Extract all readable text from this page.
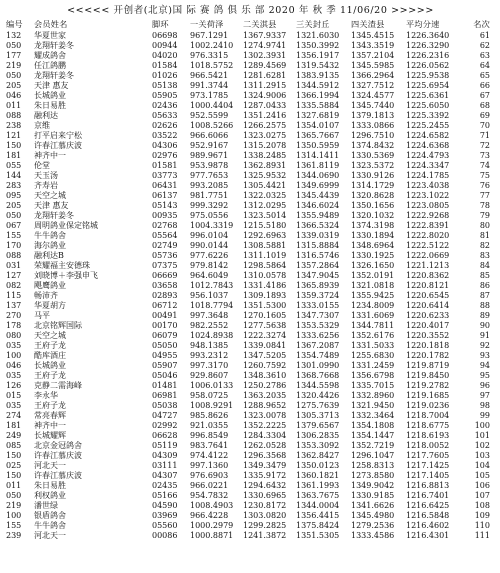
<<<<< 开创者(北京)国 际 赛 鸽 俱 乐 部 2020 年 秋 季 11/06/20 >>>>>
编号	会员姓名	脚环	一关荷泽	二关淇县	三关封丘	四关渣县	平均分速	名次
132	华夏世家	06698	967.1291	1367.9337	1321.6030	1345.4515	1226.3640	61
050	龙翔轩姜冬	00944	1002.2410	1274.9741	1350.3992	1343.3519	1226.3290	62
177	耀成鸽舍	04020	976.3315	1302.3931	1356.1917	1357.2104	1226.2316	63
219	任江鸽鹏	01584	1018.5752	1289.4569	1319.5432	1345.5985	1226.0562	64
050	龙翔轩姜冬	01026	966.5421	1281.6281	1383.9135	1366.2964	1225.9538	65
205	天津 惠友	05138	991.3744	1311.2915	1344.5912	1327.7512	1225.6954	66
046	长城鸽业	05905	973.1785	1324.9006	1366.1994	1324.4577	1225.6361	67
011	朱日易胜	02436	1000.4404	1287.0433	1335.5884	1345.7440	1225.6050	68
088	融利达	05633	952.5599	1351.2416	1327.6819	1379.1813	1225.3392	69
238	京维	02626	1008.5266	1266.2575	1354.0107	1333.0866	1225.2455	70
121	打平启来宁松	03522	966.6066	1323.0275	1365.7667	1296.7510	1224.6582	71
150	许春江慕庆波	04306	952.9167	1315.2078	1350.5959	1374.8432	1224.6368	72
181	神齐中一	02976	989.9671	1338.2485	1314.1411	1330.5369	1224.4793	73
055	伦堂	01581	953.9878	1362.8931	1361.8119	1323.5372	1224.3347	74
144	天玉汤	03773	977.7653	1325.9532	1344.0690	1330.9126	1224.1785	75
283	齐寿岩	06431	993.2085	1305.4421	1349.6999	1314.1729	1223.4038	76
095	天空之城	06137	981.7751	1322.0325	1345.4439	1320.8628	1223.1022	77
205	天津 惠友	05143	999.3292	1312.0295	1346.6024	1350.1656	1223.0805	78
050	龙翔轩姜冬	00935	975.0556	1323.5014	1355.9489	1320.1032	1222.9268	79
067	周明鸽业保定铭城	02768	1004.3319	1215.5180	1366.5324	1374.3198	1222.8391	80
155	牛牛鸽舍	05564	996.0104	1292.6963	1339.0319	1330.1894	1222.8020	81
170	海尔鸽业	02749	990.0144	1308.5881	1315.8884	1348.6964	1222.5122	82
088	融利达B	05736	977.6226	1311.1019	1316.5746	1330.1925	1222.0669	83
031	荣耀福主安德珠	07375	979.8142	1298.5864	1357.2864	1326.1650	1221.1213	84
127	刘晓博＋李强申飞	06669	964.6049	1310.0578	1347.9045	1352.0191	1220.8362	85
082	飓鹰鸽业	03658	1012.7843	1331.4186	1365.8939	1321.0818	1220.8121	86
115	畅沛齐	02893	956.1037	1309.1893	1359.3724	1355.9425	1220.6545	87
137	华夏胡方	06712	1018.7794	1351.5300	1333.0155	1234.8009	1220.6414	88
270	马平	00491	997.3648	1270.1605	1347.7307	1331.6069	1220.6233	89
178	北京铭辉国际	00170	982.2552	1277.5638	1353.5329	1344.7811	1220.4017	90
080	天空之城	06079	1024.8938	1222.3274	1333.6256	1352.6176	1220.3552	91
035	王府子龙	05050	948.1385	1339.0841	1367.2087	1331.5033	1220.1818	92
100	酷库酒庄	04955	993.2312	1347.5205	1354.7489	1255.6830	1220.1782	93
046	长城鸽业	05907	997.3170	1260.7592	1301.0990	1331.2459	1219.8719	94
035	王府子龙	05046	929.8607	1348.3610	1368.7668	1356.6798	1219.8450	95
126	克静二需海峰	01481	1006.0133	1250.2786	1344.5598	1335.7015	1219.2782	96
015	李永华	06981	958.0725	1363.2035	1320.4426	1332.8960	1219.1685	97
035	王府子龙	05038	1008.9291	1288.9652	1275.7639	1321.9450	1219.0236	98
274	常亮春辉	04727	985.8626	1323.0078	1305.3713	1332.3464	1218.7004	99
181	神齐中一	02992	921.0355	1352.2225	1379.6567	1354.1808	1218.6775	100
249	长城耀辉	06628	996.8549	1284.3304	1306.2835	1354.1447	1218.6193	101
085	北京金冠鸽舍	05119	983.7641	1262.0528	1353.3092	1352.7219	1218.0052	102
150	许春江慕庆波	04309	974.4122	1296.3568	1362.8427	1296.1047	1217.7605	103
025	河北天一	03111	997.1360	1349.3479	1350.0123	1258.8313	1217.1425	104
150	许春江慕庆波	04307	976.6903	1335.9172	1360.1821	1273.8580	1217.1405	105
011	朱日易胜	02435	966.0221	1294.6432	1361.1993	1349.9042	1216.8813	106
050	利权鸽业	05166	954.7832	1330.6965	1363.7675	1330.9185	1216.7401	107
219	潘世绿	04590	1008.4903	1230.8172	1344.0004	1341.6626	1216.6425	108
100	银盾鸽舍	03969	966.4228	1303.0820	1356.4415	1345.4980	1216.5848	109
155	牛牛鸽舍	05560	1000.2979	1299.2825	1375.8424	1279.2536	1216.4602	110
239	河北天一	00086	1000.8871	1241.3872	1351.5305	1333.4586	1216.4301	111
